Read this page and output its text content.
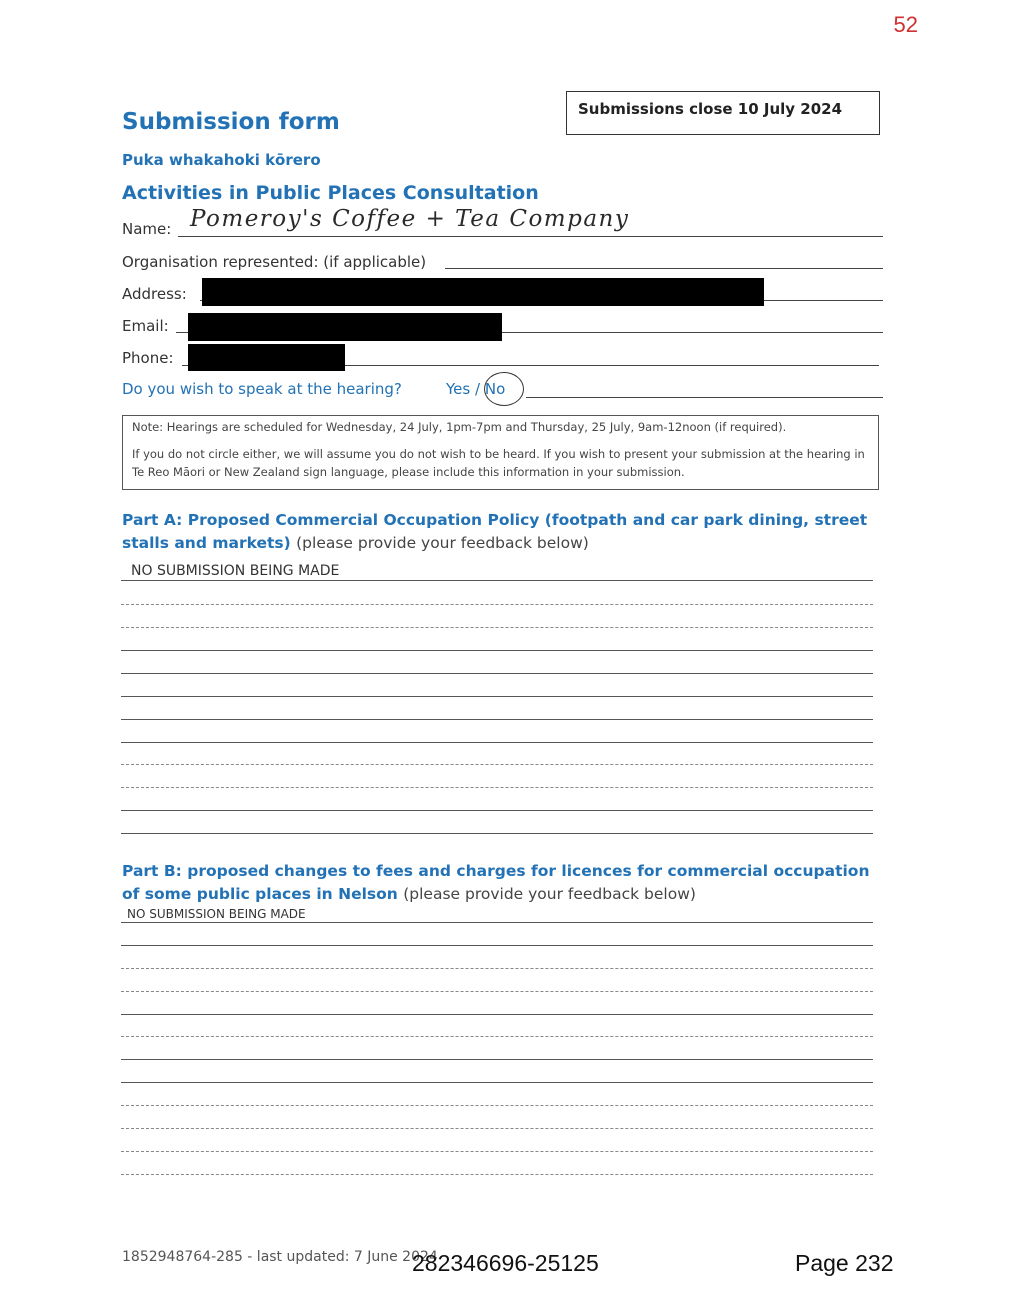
52
Submissions close 10 July 2024
Submission form
Puka whakahoki kōrero
Activities in Public Places Consultation
Name: Pomeroy's Coffee + Tea Company
Organisation represented: (if applicable)
Address:
Email:
Phone:
Do you wish to speak at the hearing?	Yes / No

Note: Hearings are scheduled for Wednesday, 24 July, 1pm-7pm and Thursday, 25 July, 9am-12noon (if required).

If you do not circle either, we will assume you do not wish to be heard. If you wish to present your submission at the hearing in Te Reo Māori or New Zealand sign language, please include this information in your submission.

Part A: Proposed Commercial Occupation Policy (footpath and car park dining, street stalls and markets) (please provide your feedback below)
NO SUBMISSION BEING MADE
Part B: proposed changes to fees and charges for licences for commercial occupation of some public places in Nelson (please provide your feedback below)
NO SUBMISSION BEING MADE
1852948764-285 - last updated: 7 June 2024
282346696-25125	Page 232
